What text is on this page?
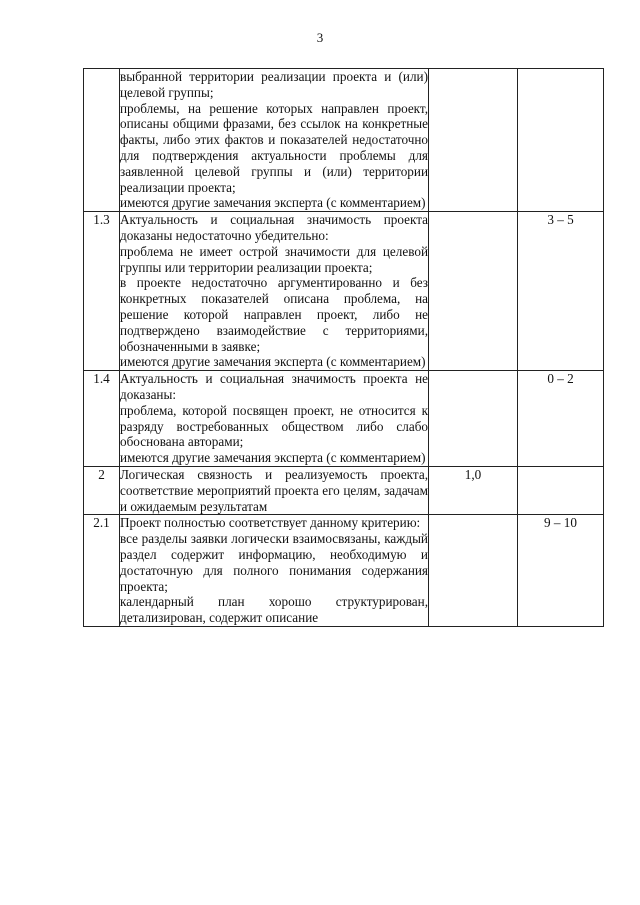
3

	выбранной территории реализации проекта и (или) целевой группы;
проблемы, на решение которых направлен проект, описаны общими фразами, без ссылок на конкретные факты, либо этих фактов и показателей недостаточно для подтверждения актуальности проблемы для заявленной целевой группы и (или) территории реализации проекта;
имеются другие замечания эксперта (с комментарием)		

1.3	Актуальность и социальная значимость проекта доказаны недостаточно убедительно:
проблема не имеет острой значимости для целевой группы или территории реализации проекта;
в проекте недостаточно аргументированно и без конкретных показателей описана проблема, на решение которой направлен проект, либо не подтверждено взаимодействие с территориями, обозначенными в заявке;
имеются другие замечания эксперта (с комментарием)		3 – 5
1.4	Актуальность и социальная значимость проекта не доказаны:
проблема, которой посвящен проект, не относится к разряду востребованных обществом либо слабо обоснована авторами;
имеются другие замечания эксперта (с комментарием)		0 – 2
2	Логическая связность и реализуемость проекта, соответствие мероприятий проекта его целям, задачам и ожидаемым результатам	1,0	
2.1	Проект полностью соответствует данному критерию:
все разделы заявки логически взаимосвязаны, каждый раздел содержит информацию, необходимую и достаточную для полного понимания содержания проекта;
календарный план хорошо структурирован, детализирован, содержит описание		9 – 10
